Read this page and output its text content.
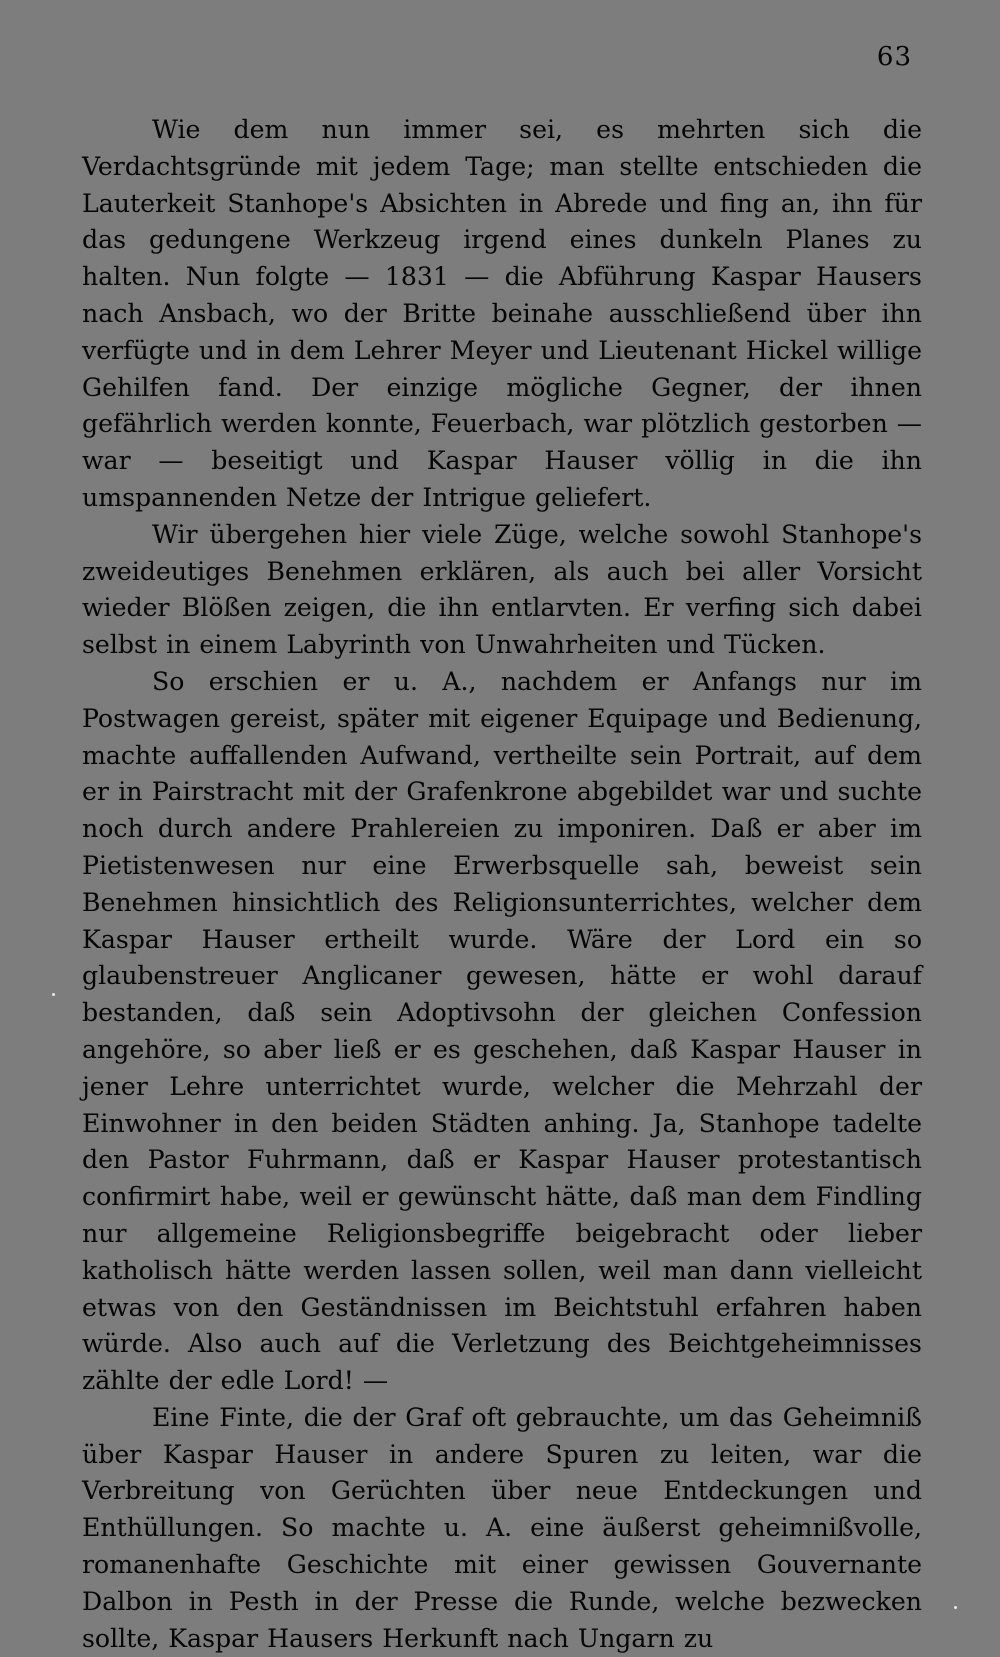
63

Wie dem nun immer sei, es mehrten sich die Verdachtsgründe mit jedem Tage; man stellte entschieden die Lauterkeit Stanhope's Absichten in Abrede und fing an, ihn für das gedungene Werkzeug irgend eines dunkeln Planes zu halten. Nun folgte — 1831 — die Abführung Kaspar Hausers nach Ansbach, wo der Britte beinahe ausschließend über ihn verfügte und in dem Lehrer Meyer und Lieutenant Hickel willige Gehilfen fand. Der einzige mögliche Gegner, der ihnen gefährlich werden konnte, Feuerbach, war plötzlich gestorben — war — beseitigt und Kaspar Hauser völlig in die ihn umspannenden Netze der Intrigue geliefert.

Wir übergehen hier viele Züge, welche sowohl Stanhope's zweideutiges Benehmen erklären, als auch bei aller Vorsicht wieder Blößen zeigen, die ihn entlarvten. Er verfing sich dabei selbst in einem Labyrinth von Unwahrheiten und Tücken.

So erschien er u. A., nachdem er Anfangs nur im Postwagen gereist, später mit eigener Equipage und Bedienung, machte auffallenden Aufwand, vertheilte sein Portrait, auf dem er in Pairstracht mit der Grafenkrone abgebildet war und suchte noch durch andere Prahlereien zu imponiren. Daß er aber im Pietistenwesen nur eine Erwerbsquelle sah, beweist sein Benehmen hinsichtlich des Religionsunterrichtes, welcher dem Kaspar Hauser ertheilt wurde. Wäre der Lord ein so glaubenstreuer Anglicaner gewesen, hätte er wohl darauf bestanden, daß sein Adoptivsohn der gleichen Confession angehöre, so aber ließ er es geschehen, daß Kaspar Hauser in jener Lehre unterrichtet wurde, welcher die Mehrzahl der Einwohner in den beiden Städten anhing. Ja, Stanhope tadelte den Pastor Fuhrmann, daß er Kaspar Hauser protestantisch confirmirt habe, weil er gewünscht hätte, daß man dem Findling nur allgemeine Religionsbegriffe beigebracht oder lieber katholisch hätte werden lassen sollen, weil man dann vielleicht etwas von den Geständnissen im Beichtstuhl erfahren haben würde. Also auch auf die Verletzung des Beichtgeheimnisses zählte der edle Lord! —

Eine Finte, die der Graf oft gebrauchte, um das Geheimniß über Kaspar Hauser in andere Spuren zu leiten, war die Verbreitung von Gerüchten über neue Entdeckungen und Enthüllungen. So machte u. A. eine äußerst geheimnißvolle, romanenhafte Geschichte mit einer gewissen Gouvernante Dalbon in Pesth in der Presse die Runde, welche bezwecken sollte, Kaspar Hausers Herkunft nach Ungarn zu
